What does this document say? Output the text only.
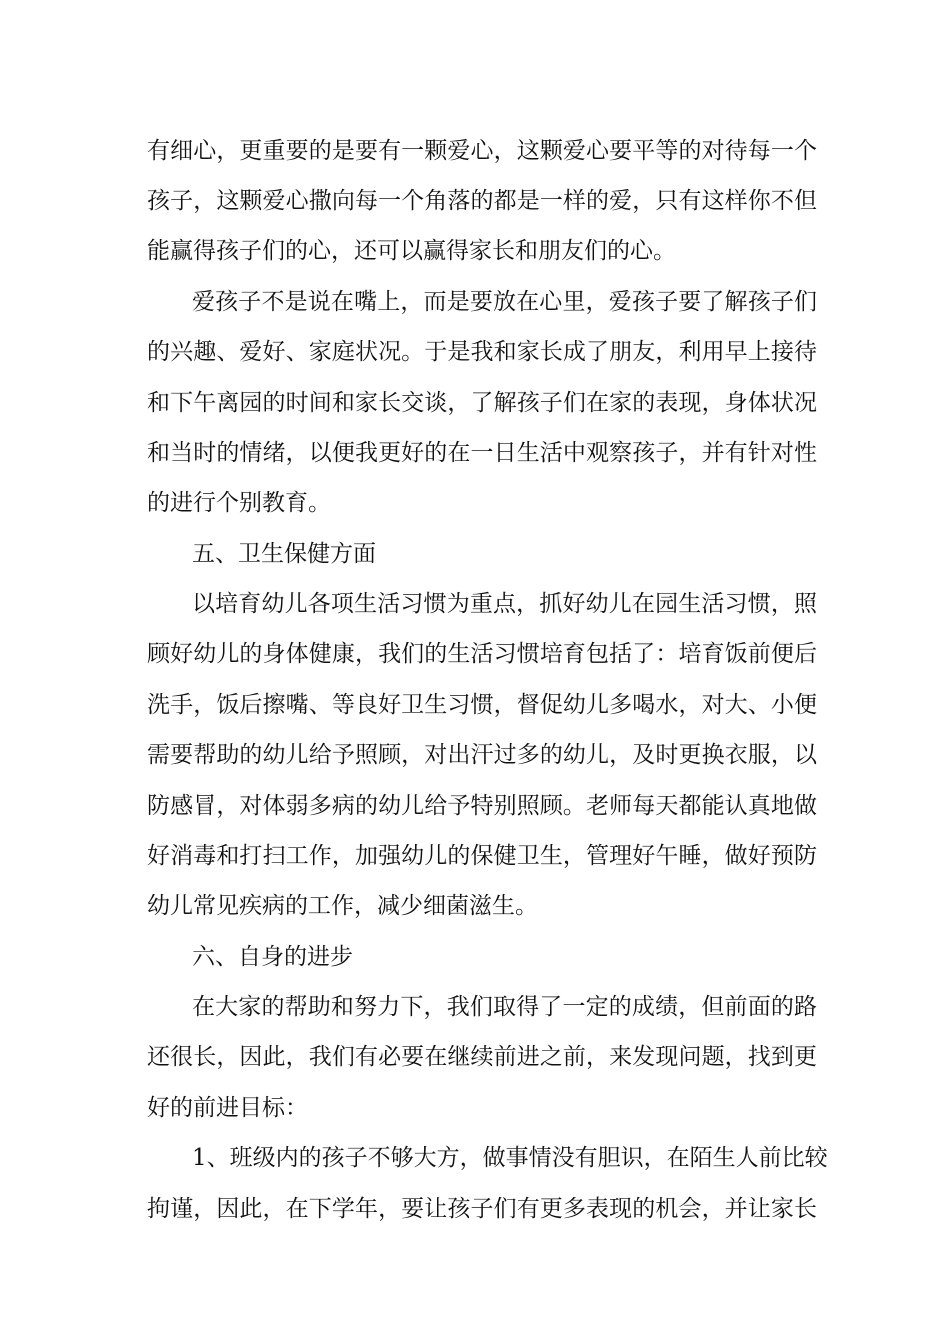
有细心，更重要的是要有一颗爱心，这颗爱心要平等的对待每一个
孩子，这颗爱心撒向每一个角落的都是一样的爱，只有这样你不但
能赢得孩子们的心，还可以赢得家长和朋友们的心。
爱孩子不是说在嘴上，而是要放在心里，爱孩子要了解孩子们
的兴趣、爱好、家庭状况。于是我和家长成了朋友，利用早上接待
和下午离园的时间和家长交谈，了解孩子们在家的表现，身体状况
和当时的情绪，以便我更好的在一日生活中观察孩子，并有针对性
的进行个别教育。
五、卫生保健方面
以培育幼儿各项生活习惯为重点，抓好幼儿在园生活习惯，照
顾好幼儿的身体健康，我们的生活习惯培育包括了：培育饭前便后
洗手，饭后擦嘴、等良好卫生习惯，督促幼儿多喝水，对大、小便
需要帮助的幼儿给予照顾，对出汗过多的幼儿，及时更换衣服，以
防感冒，对体弱多病的幼儿给予特别照顾。老师每天都能认真地做
好消毒和打扫工作，加强幼儿的保健卫生，管理好午睡，做好预防
幼儿常见疾病的工作，减少细菌滋生。
六、自身的进步
在大家的帮助和努力下，我们取得了一定的成绩，但前面的路
还很长，因此，我们有必要在继续前进之前，来发现问题，找到更
好的前进目标：
1、班级内的孩子不够大方，做事情没有胆识，在陌生人前比较
拘谨，因此，在下学年，要让孩子们有更多表现的机会，并让家长
